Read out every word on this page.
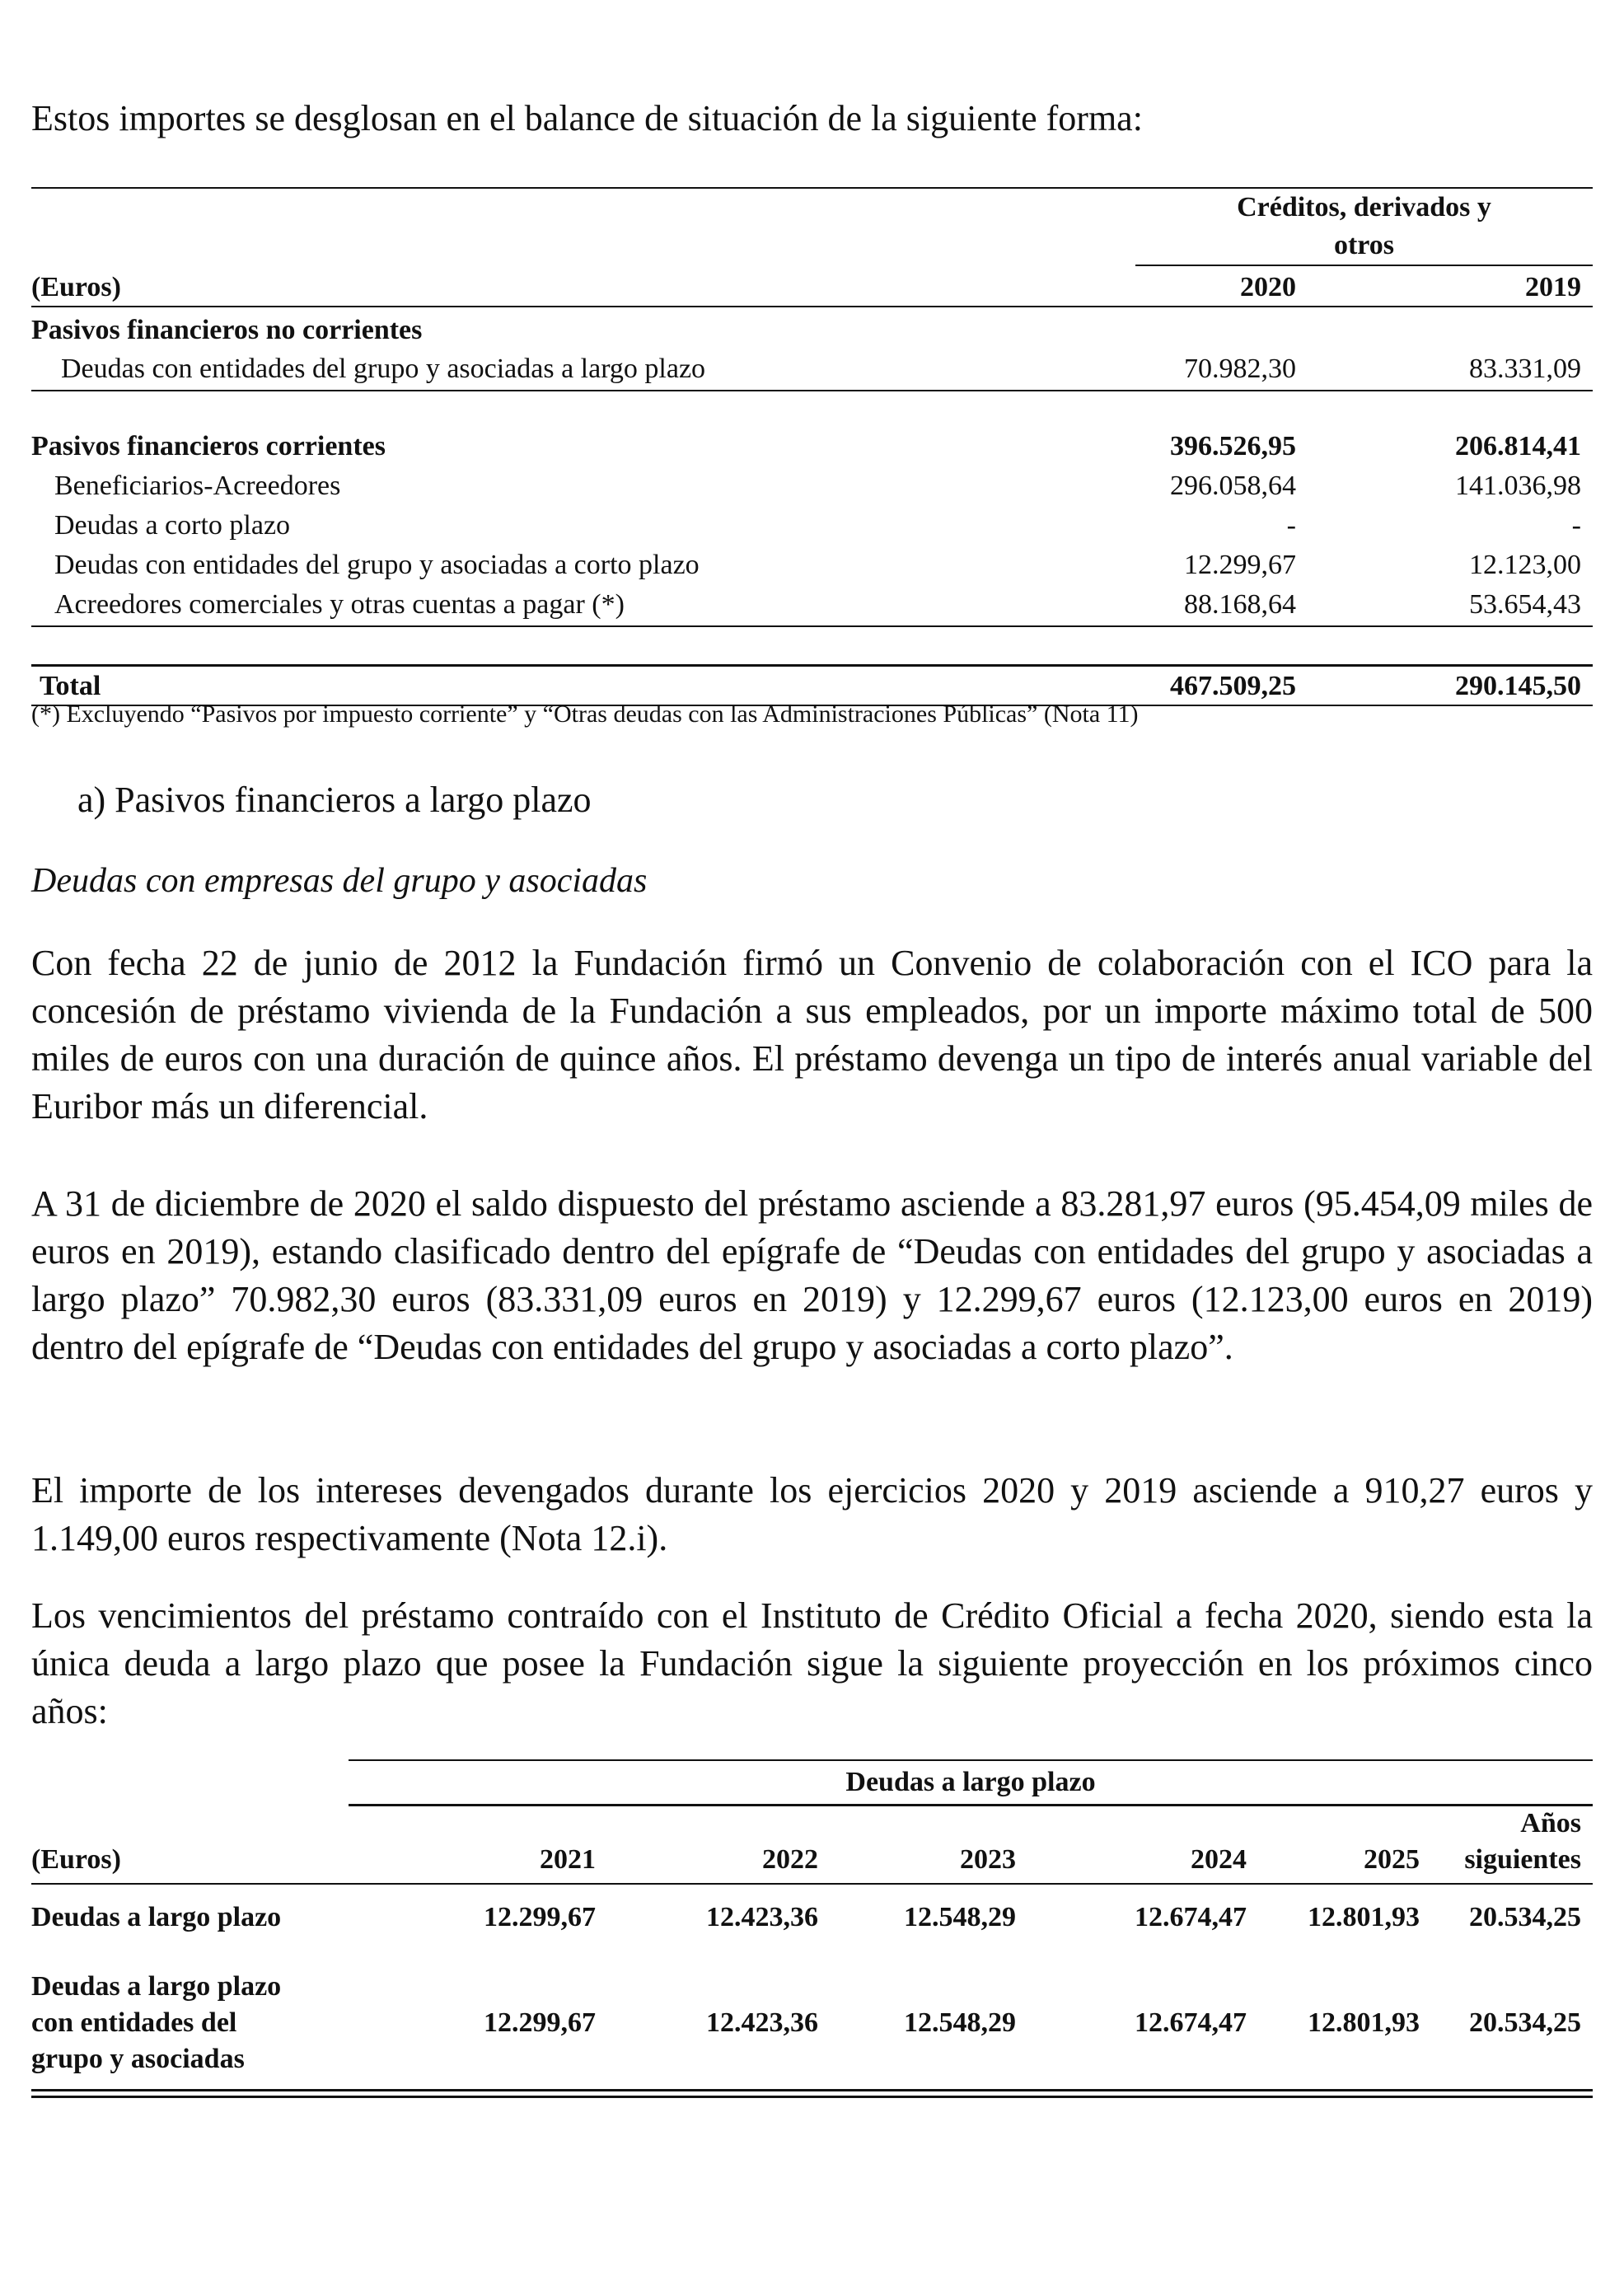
Estos importes se desglosan en el balance de situación de la siguiente forma:
Créditos, derivados y
otros
(Euros)	2020	2019
Pasivos financieros no corrientes
Deudas con entidades del grupo y asociadas a largo plazo	70.982,30	83.331,09
Pasivos financieros corrientes	396.526,95	206.814,41
Beneficiarios-Acreedores	296.058,64	141.036,98
Deudas a corto plazo	-	-
Deudas con entidades del grupo y asociadas a corto plazo	12.299,67	12.123,00
Acreedores comerciales y otras cuentas a pagar (*)	88.168,64	53.654,43
Total	467.509,25	290.145,50
(*) Excluyendo “Pasivos por impuesto corriente” y “Otras deudas con las Administraciones Públicas” (Nota 11)
a) Pasivos financieros a largo plazo
Deudas con empresas del grupo y asociadas
Con fecha 22 de junio de 2012 la Fundación firmó un Convenio de colaboración con el ICO para la concesión de préstamo vivienda de la Fundación a sus empleados, por un importe máximo total de 500 miles de euros con una duración de quince años. El préstamo devenga un tipo de interés anual variable del Euribor más un diferencial.
A 31 de diciembre de 2020 el saldo dispuesto del préstamo asciende a 83.281,97 euros (95.454,09 miles de euros en 2019), estando clasificado dentro del epígrafe de “Deudas con entidades del grupo y asociadas a largo plazo” 70.982,30 euros (83.331,09 euros en 2019) y 12.299,67 euros (12.123,00 euros en 2019) dentro del epígrafe de “Deudas con entidades del grupo y asociadas a corto plazo”.
El importe de los intereses devengados durante los ejercicios 2020 y 2019 asciende a 910,27 euros y 1.149,00 euros respectivamente (Nota 12.i).
Los vencimientos del préstamo contraído con el Instituto de Crédito Oficial a fecha 2020, siendo esta la única deuda a largo plazo que posee la Fundación sigue la siguiente proyección en los próximos cinco años:
Deudas a largo plazo
(Euros)	2021	2022	2023	2024	2025
Años
siguientes
Deudas a largo plazo	12.299,67	12.423,36	12.548,29	12.674,47 12.801,93 20.534,25
Deudas a largo plazo
con entidades del
grupo y asociadas
12.299,67	12.423,36	12.548,29	12.674,47 12.801,93 20.534,25
